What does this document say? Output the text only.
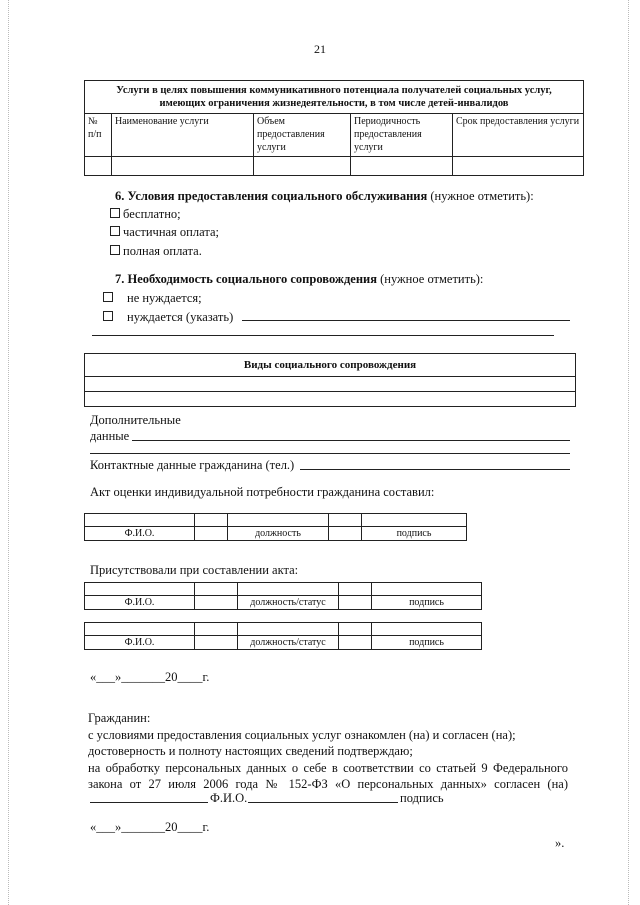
21
Услуги в целях повышения коммуникативного потенциала получателей социальных услуг,
имеющих ограничения жизнедеятельности, в том числе детей-инвалидов				

№ п/п	Наименование услуги	Объем предоставления услуги	Периодичность предоставления услуги	Срок предоставления услуги

6. Условия предоставления социального обслуживания (нужное отметить):
бесплатно;
частичная оплата;
полная оплата.
7. Необходимость социального сопровождения (нужное отметить):
не нуждается;
нуждается (указать)
Виды социального сопровождения

Дополнительные
данные
Контактные данные гражданина (тел.)
Акт оценки индивидуальной потребности гражданина составил:

Ф.И.О.		должность		подпись
Присутствовали при составлении акта:

Ф.И.О.		должность/статус		подпись

Ф.И.О.		должность/статус		подпись
«___»_______20____г.
Гражданин:
с условиями предоставления социальных услуг ознакомлен (на) и согласен (на);
достоверность и полноту настоящих сведений подтверждаю;
на обработку персональных данных о себе в соответствии со статьей 9 Федерального
закона от 27 июля 2006 года № 152-ФЗ «О персональных данных» согласен (на)
Ф.И.О.	подпись
«___»_______20____г.
».
